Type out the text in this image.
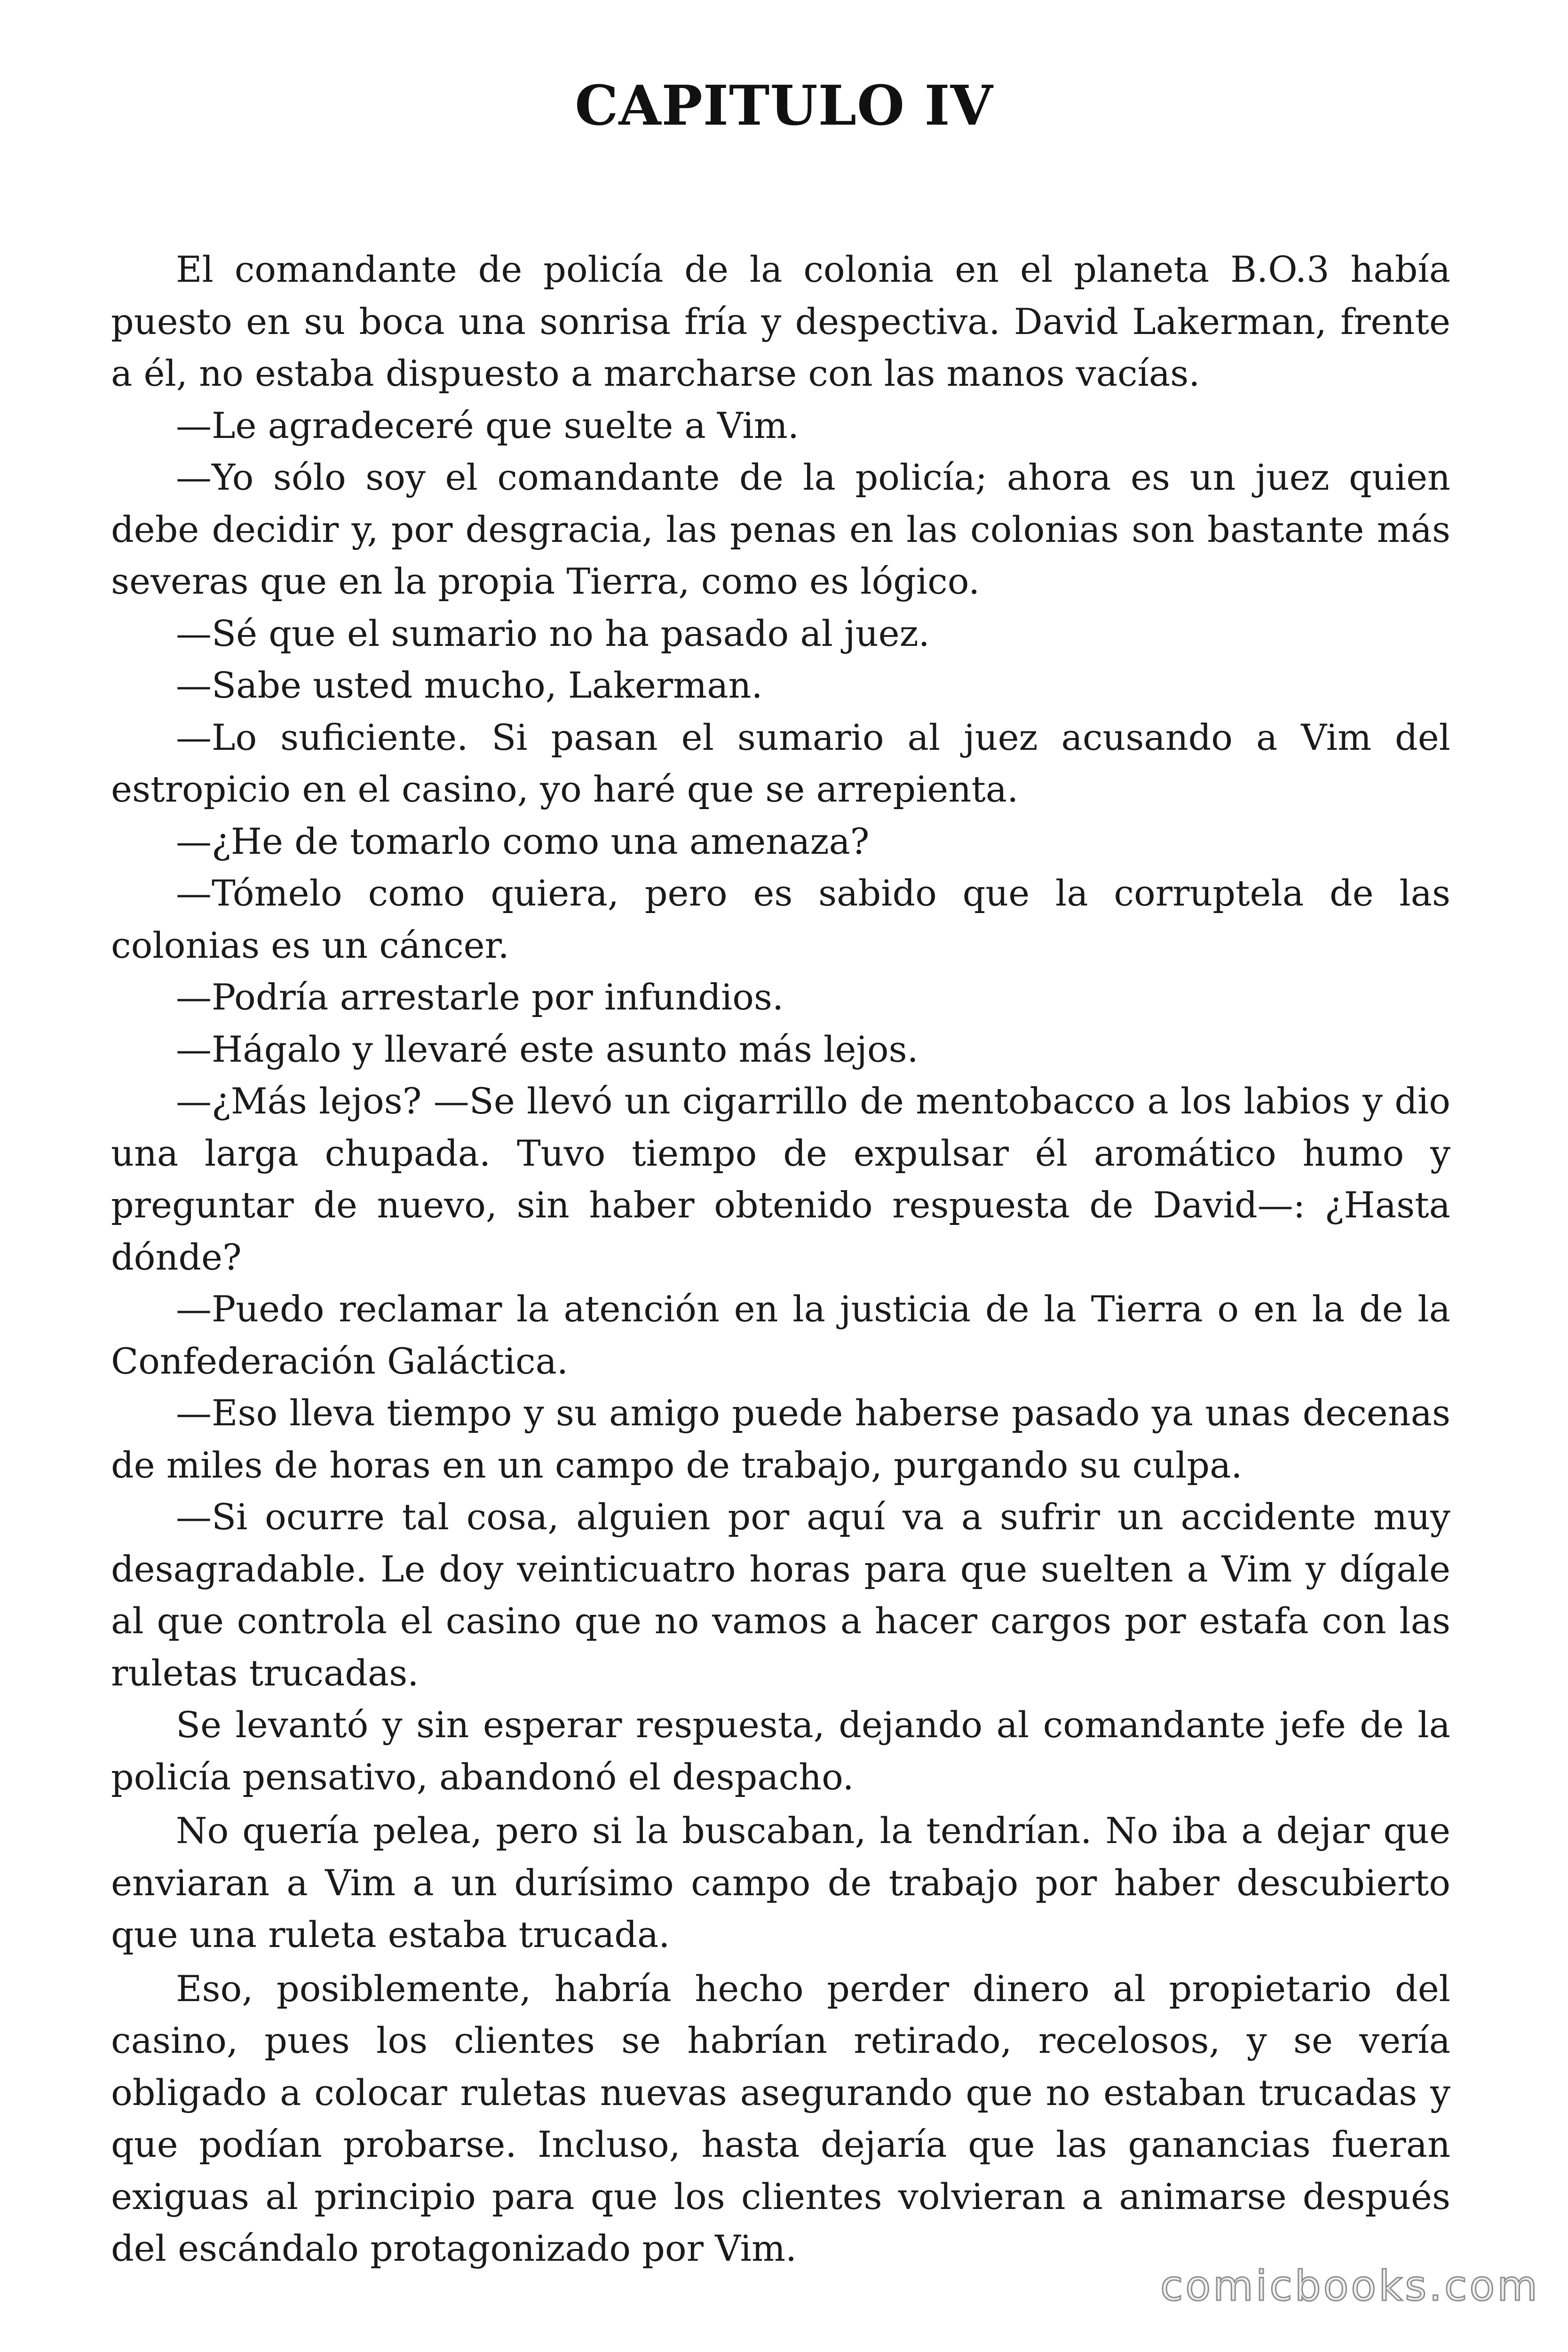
CAPITULO IV

El comandante de policía de la colonia en el planeta B.O.3 había puesto en su boca una sonrisa fría y despectiva. David Lakerman, frente a él, no estaba dispuesto a marcharse con las manos vacías.

—Le agradeceré que suelte a Vim.

—Yo sólo soy el comandante de la policía; ahora es un juez quien debe decidir y, por desgracia, las penas en las colonias son bastante más severas que en la propia Tierra, como es lógico.

—Sé que el sumario no ha pasado al juez.

—Sabe usted mucho, Lakerman.

—Lo suficiente. Si pasan el sumario al juez acusando a Vim del estropicio en el casino, yo haré que se arrepienta.

—¿He de tomarlo como una amenaza?

—Tómelo como quiera, pero es sabido que la corruptela de las colonias es un cáncer.

—Podría arrestarle por infundios.

—Hágalo y llevaré este asunto más lejos.

—¿Más lejos? —Se llevó un cigarrillo de mentobacco a los labios y dio una larga chupada. Tuvo tiempo de expulsar él aromático humo y preguntar de nuevo, sin haber obtenido respuesta de David—: ¿Hasta dónde?

—Puedo reclamar la atención en la justicia de la Tierra o en la de la Confederación Galáctica.

—Eso lleva tiempo y su amigo puede haberse pasado ya unas decenas de miles de horas en un campo de trabajo, purgando su culpa.

—Si ocurre tal cosa, alguien por aquí va a sufrir un accidente muy desagradable. Le doy veinticuatro horas para que suelten a Vim y dígale al que controla el casino que no vamos a hacer cargos por estafa con las ruletas trucadas.

Se levantó y sin esperar respuesta, dejando al comandante jefe de la policía pensativo, abandonó el despacho.

No quería pelea, pero si la buscaban, la tendrían. No iba a dejar que enviaran a Vim a un durísimo campo de trabajo por haber descubierto que una ruleta estaba trucada.

Eso, posiblemente, habría hecho perder dinero al propietario del casino, pues los clientes se habrían retirado, recelosos, y se vería obligado a colocar ruletas nuevas asegurando que no estaban trucadas y que podían probarse. Incluso, hasta dejaría que las ganancias fueran exiguas al principio para que los clientes volvieran a animarse después del escándalo protagonizado por Vim.

comicbooks.com
